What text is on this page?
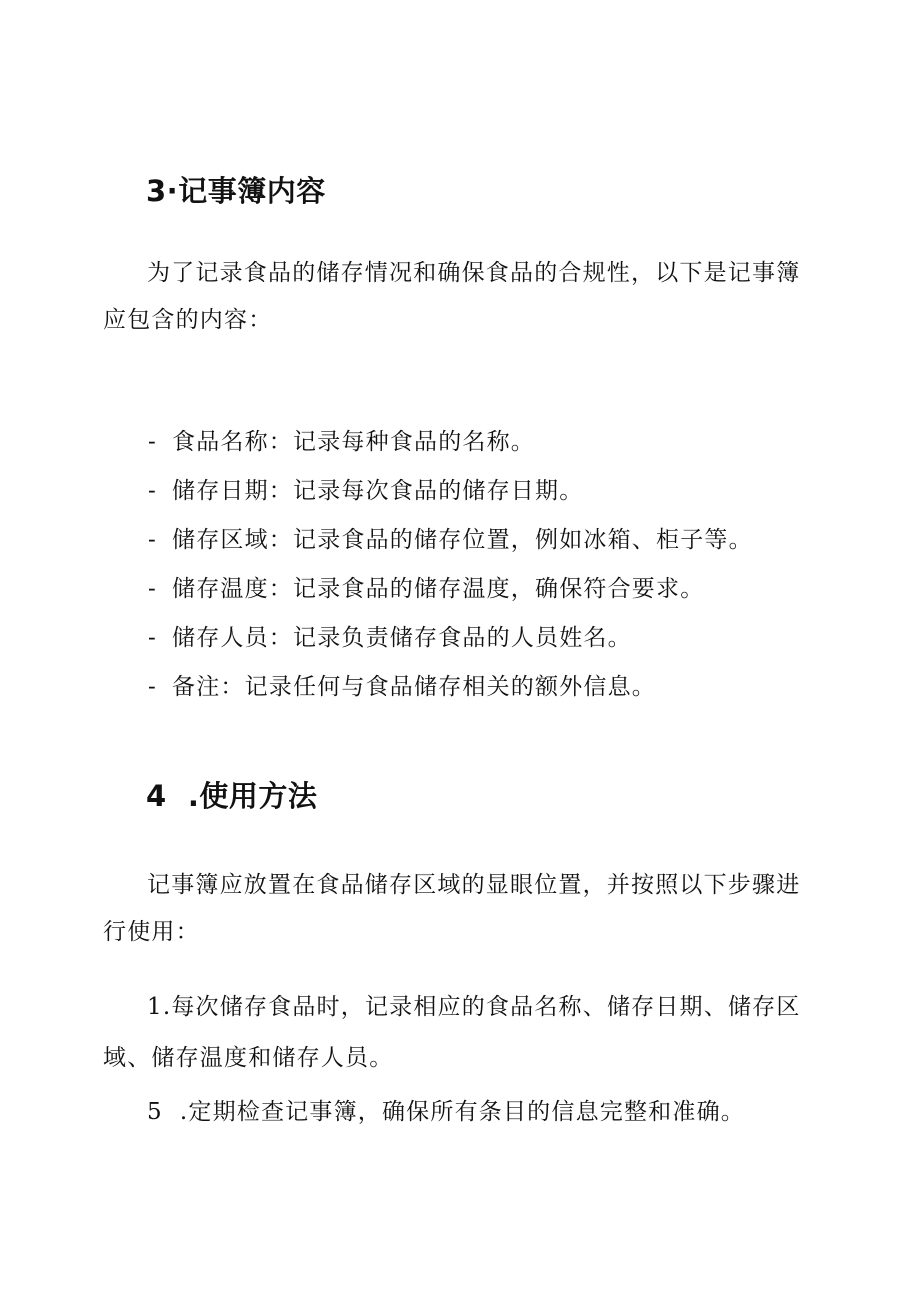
3·记事簿内容

为了记录食品的储存情况和确保食品的合规性，以下是记事簿应包含的内容：

- 食品名称：记录每种食品的名称。
- 储存日期：记录每次食品的储存日期。
- 储存区域：记录食品的储存位置，例如冰箱、柜子等。
- 储存温度：记录食品的储存温度，确保符合要求。
- 储存人员：记录负责储存食品的人员姓名。
- 备注：记录任何与食品储存相关的额外信息。
4  .使用方法

记事簿应放置在食品储存区域的显眼位置，并按照以下步骤进行使用：

1.每次储存食品时，记录相应的食品名称、储存日期、储存区域、储存温度和储存人员。

5  .定期检查记事簿，确保所有条目的信息完整和准确。
